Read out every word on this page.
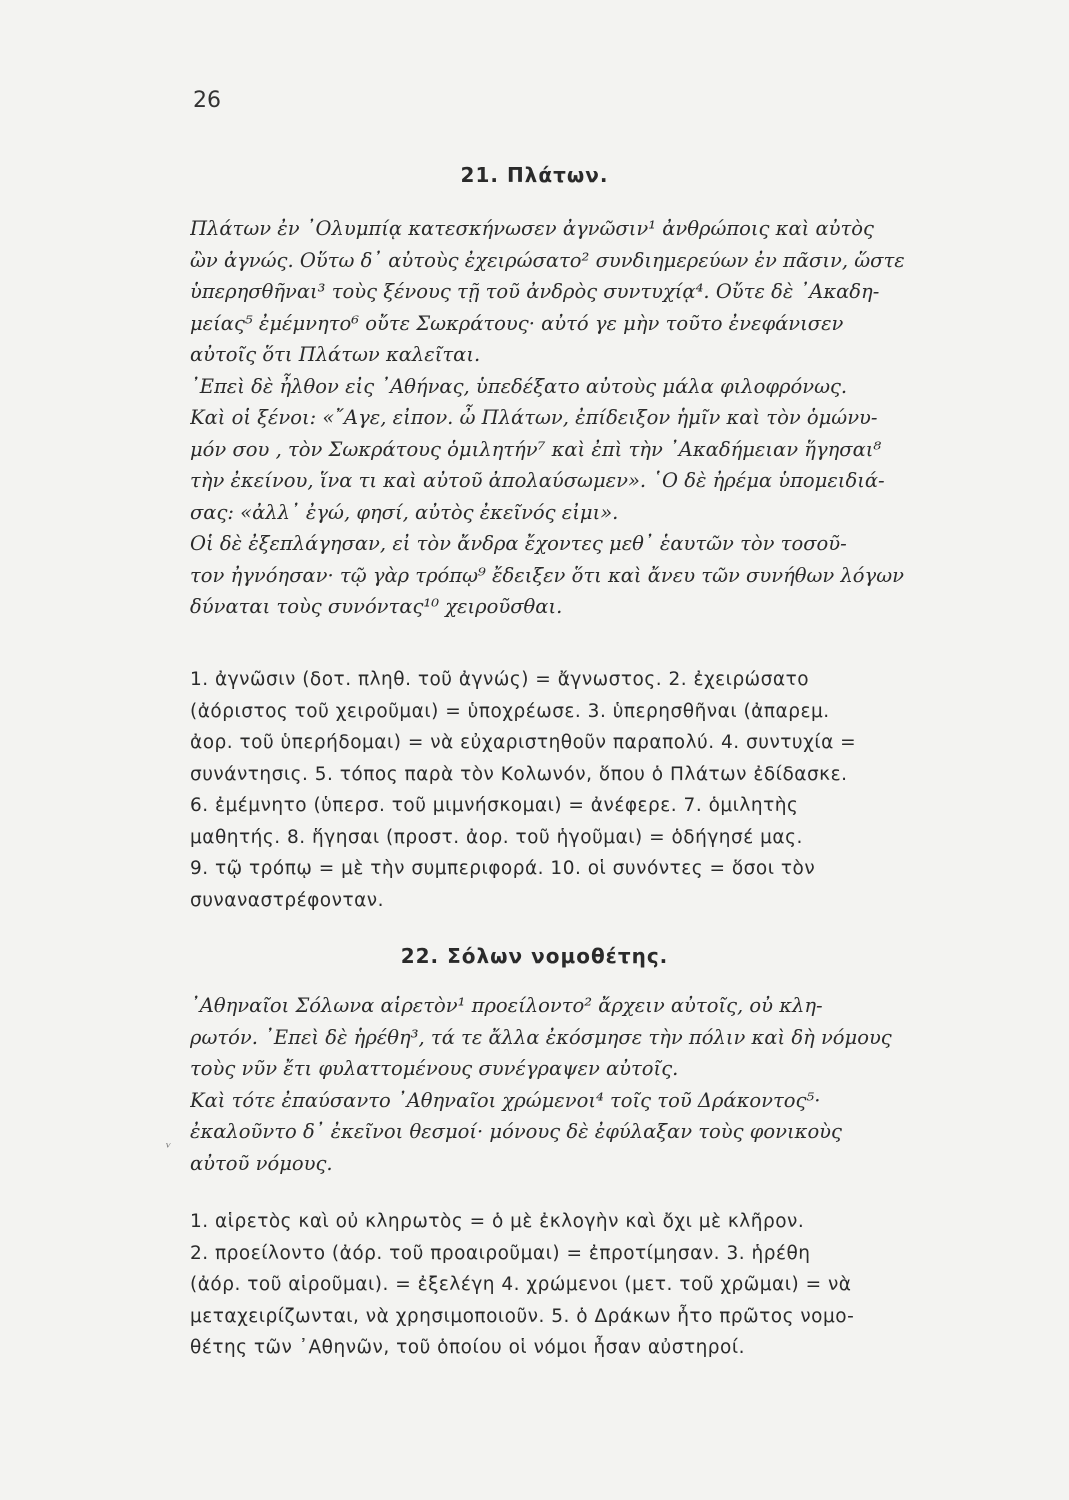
26
21. Πλάτων.
Πλάτων ἐν ᾿Ολυμπίᾳ κατεσκήνωσεν ἀγνῶσιν¹ ἀνθρώποις καὶ αὐτὸς
ὢν ἀγνώς. Οὕτω δ᾿ αὐτοὺς ἐχειρώσατο² συνδιημερεύων ἐν πᾶσιν, ὥστε
ὑπερησθῆναι³ τοὺς ξένους τῇ τοῦ ἀνδρὸς συντυχίᾳ⁴. Οὔτε δὲ ᾿Ακαδη-
μείας⁵ ἐμέμνητο⁶ οὔτε Σωκράτους· αὐτό γε μὴν τοῦτο ἐνεφάνισεν
αὐτοῖς ὅτι Πλάτων καλεῖται.
᾿Επεὶ δὲ ἦλθον εἰς ᾿Αθήνας, ὑπεδέξατο αὐτοὺς μάλα φιλοφρόνως.
Καὶ οἱ ξένοι: «῎Αγε, εἰπον. ὦ Πλάτων, ἐπίδειξον ἡμῖν καὶ τὸν ὁμώνυ-
μόν σου , τὸν Σωκράτους ὁμιλητήν⁷ καὶ ἐπὶ τὴν ᾿Ακαδήμειαν ἥγησαι⁸
τὴν ἐκείνου, ἵνα τι καὶ αὐτοῦ ἀπολαύσωμεν». ῾Ο δὲ ἠρέμα ὑπομειδιά-
σας: «ἀλλ᾿ ἐγώ, φησί, αὐτὸς ἐκεῖνός εἰμι».
Οἱ δὲ ἐξεπλάγησαν, εἰ τὸν ἄνδρα ἔχοντες μεθ᾿ ἑαυτῶν τὸν τοσοῦ-
τον ἠγνόησαν· τῷ γὰρ τρόπῳ⁹ ἔδειξεν ὅτι καὶ ἄνευ τῶν συνήθων λόγων
δύναται τοὺς συνόντας¹⁰ χειροῦσθαι.
1. ἀγνῶσιν (δοτ. πληθ. τοῦ ἀγνώς) = ἄγνωστος. 2. ἐχειρώσατο
(ἀόριστος τοῦ χειροῦμαι) = ὑποχρέωσε. 3. ὑπερησθῆναι (ἀπαρεμ.
ἀορ. τοῦ ὑπερήδομαι) = νὰ εὐχαριστηθοῦν παραπολύ. 4. συντυχία =
συνάντησις. 5. τόπος παρὰ τὸν Κολωνόν, ὅπου ὁ Πλάτων ἐδίδασκε.
6. ἐμέμνητο (ὑπερσ. τοῦ μιμνήσκομαι) = ἀνέφερε. 7. ὁμιλητὴς
μαθητής. 8. ἥγησαι (προστ. ἀορ. τοῦ ἡγοῦμαι) = ὁδήγησέ μας.
9. τῷ τρόπῳ = μὲ τὴν συμπεριφορά. 10. οἱ συνόντες = ὅσοι τὸν
συναναστρέφονταν.
22. Σόλων νομοθέτης.
᾿Αθηναῖοι Σόλωνα αἱρετὸν¹ προείλοντο² ἄρχειν αὐτοῖς, οὐ κλη-
ρωτόν. ᾿Επεὶ δὲ ἡρέθη³, τά τε ἄλλα ἐκόσμησε τὴν πόλιν καὶ δὴ νόμους
τοὺς νῦν ἔτι φυλαττομένους συνέγραψεν αὐτοῖς.
Καὶ τότε ἐπαύσαντο ᾿Αθηναῖοι χρώμενοι⁴ τοῖς τοῦ Δράκοντος⁵·
ἐκαλοῦντο δ᾿ ἐκεῖνοι θεσμοί· μόνους δὲ ἐφύλαξαν τοὺς φονικοὺς
αὐτοῦ νόμους.
ᵛ
1. αἱρετὸς καὶ οὐ κληρωτὸς = ὁ μὲ ἐκλογὴν καὶ ὄχι μὲ κλῆρον.
2. προείλοντο (ἀόρ. τοῦ προαιροῦμαι) = ἐπροτίμησαν. 3. ἡρέθη
(ἀόρ. τοῦ αἱροῦμαι). = ἐξελέγη 4. χρώμενοι (μετ. τοῦ χρῶμαι) = νὰ
μεταχειρίζωνται, νὰ χρησιμοποιοῦν. 5. ὁ Δράκων ἦτο πρῶτος νομο-
θέτης τῶν ᾿Αθηνῶν, τοῦ ὁποίου οἱ νόμοι ἦσαν αὐστηροί.
